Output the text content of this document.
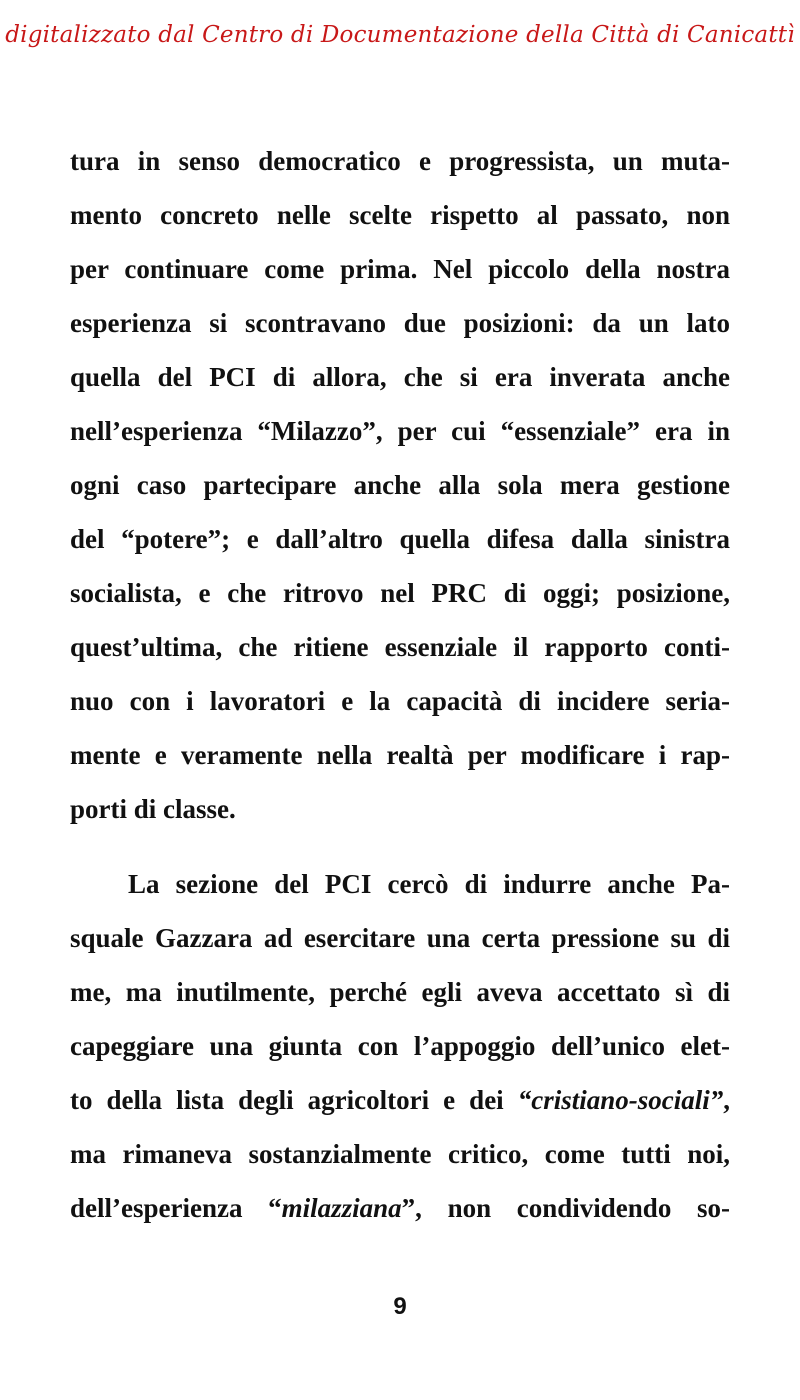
digitalizzato dal Centro di Documentazione della Città di Canicattì
tura in senso democratico e progressista, un muta-
mento concreto nelle scelte rispetto al passato, non
per continuare come prima. Nel piccolo della nostra
esperienza si scontravano due posizioni: da un lato
quella del PCI di allora, che si era inverata anche
nell’esperienza “Milazzo”, per cui “essenziale” era in
ogni caso partecipare anche alla sola mera gestione
del “potere”; e dall’altro quella difesa dalla sinistra
socialista, e che ritrovo nel PRC di oggi; posizione,
quest’ultima, che ritiene essenziale il rapporto conti-
nuo con i lavoratori e la capacità di incidere seria-
mente e veramente nella realtà per modificare i rap-
porti di classe.
La sezione del PCI cercò di indurre anche Pa-
squale Gazzara ad esercitare una certa pressione su di
me, ma inutilmente, perché egli aveva accettato sì di
capeggiare una giunta con l’appoggio dell’unico elet-
to della lista degli agricoltori e dei “cristiano-sociali”,
ma rimaneva sostanzialmente critico, come tutti noi,
dell’esperienza “milazziana”, non condividendo so-
9
